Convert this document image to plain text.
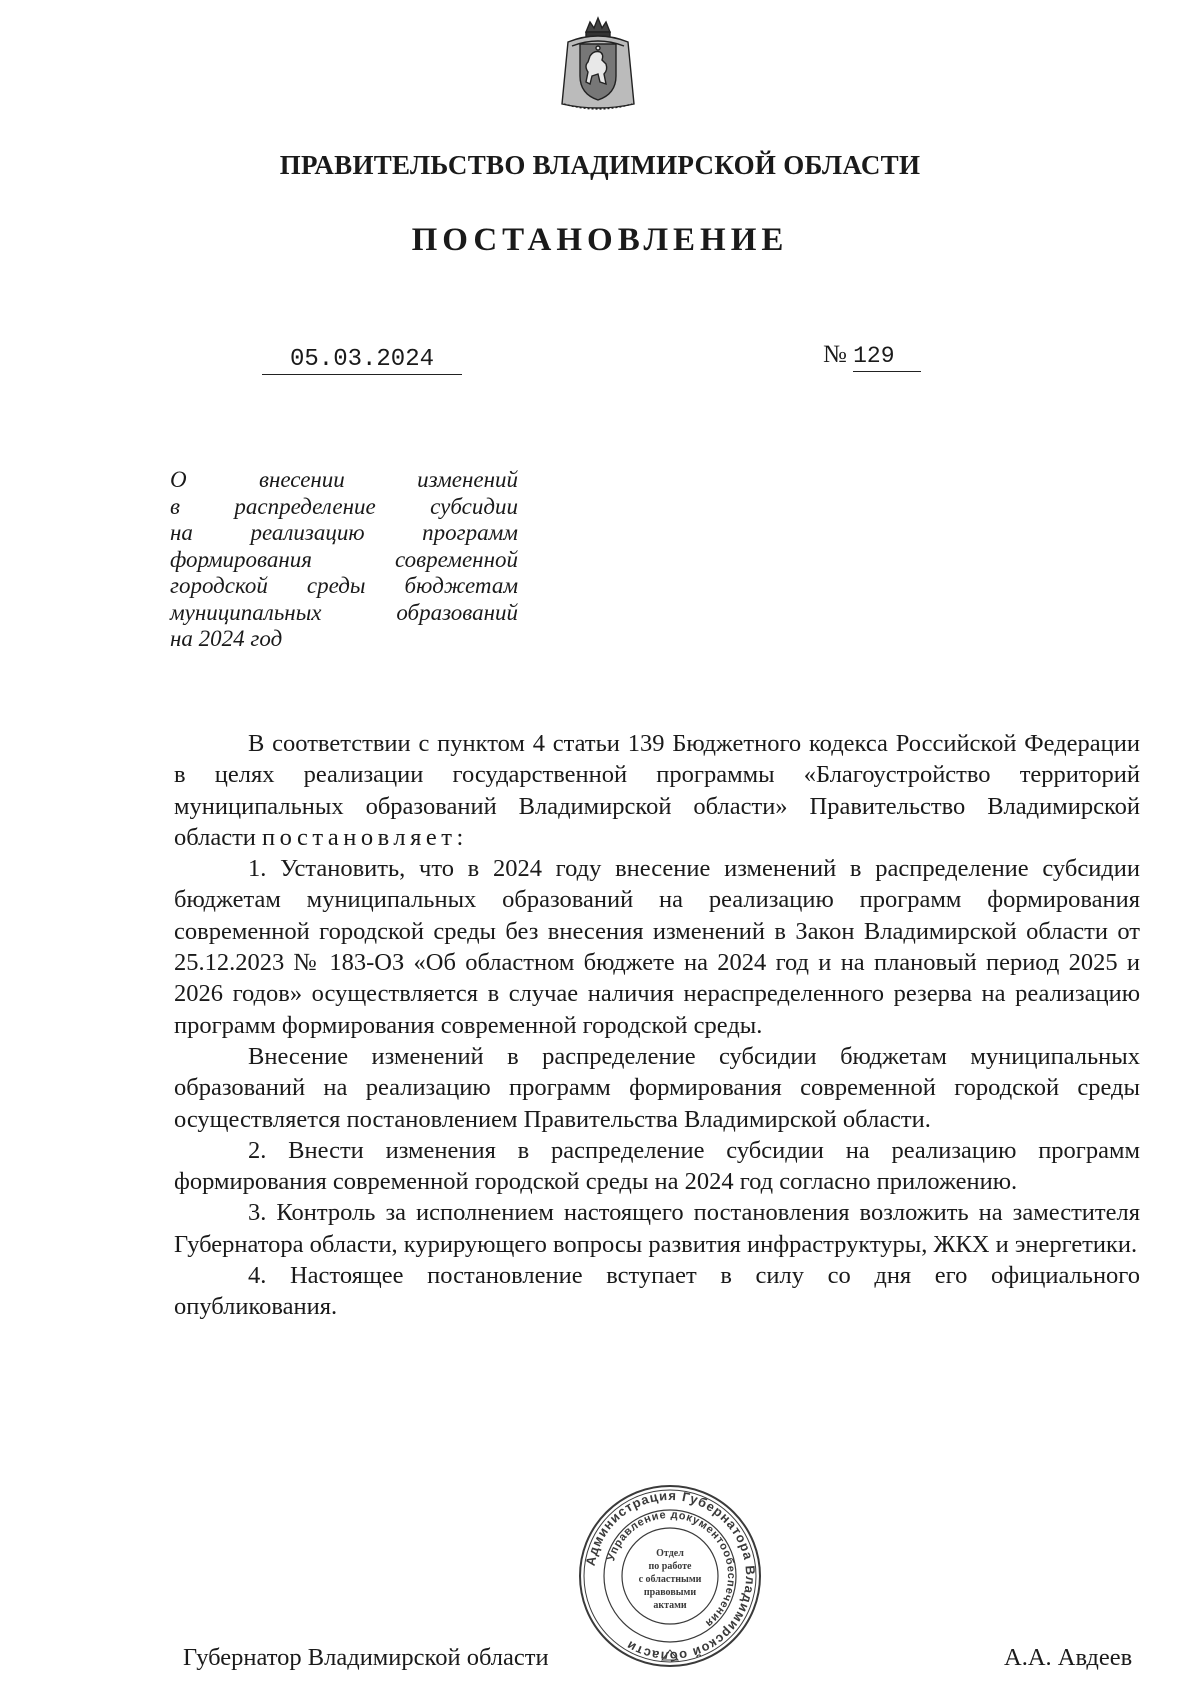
ПРАВИТЕЛЬСТВО ВЛАДИМИРСКОЙ ОБЛАСТИ
ПОСТАНОВЛЕНИЕ
05.03.2024	№ 129
О внесении изменений
в распределение субсидии
на реализацию программ
формирования современной
городской среды бюджетам
муниципальных образований
на 2024 год

В соответствии с пунктом 4 статьи 139 Бюджетного кодекса Российской Федерации в целях реализации государственной программы «Благоустройство территорий муниципальных образований Владимирской области» Правительство Владимирской области постановляет:

1. Установить, что в 2024 году внесение изменений в распределение субсидии бюджетам муниципальных образований на реализацию программ формирования современной городской среды без внесения изменений в Закон Владимирской области от 25.12.2023 № 183-ОЗ «Об областном бюджете на 2024 год и на плановый период 2025 и 2026 годов» осуществляется в случае наличия нераспределенного резерва на реализацию программ формирования современной городской среды.

Внесение изменений в распределение субсидии бюджетам муниципальных образований на реализацию программ формирования современной городской среды осуществляется постановлением Правительства Владимирской области.

2. Внести изменения в распределение субсидии на реализацию программ формирования современной городской среды на 2024 год согласно приложению.

3. Контроль за исполнением настоящего постановления возложить на заместителя Губернатора области, курирующего вопросы развития инфраструктуры, ЖКХ и энергетики.

4. Настоящее постановление вступает в силу со дня его официального опубликования.

Губернатор Владимирской области	А.А. Авдеев
Администрация Губернатора Владимирской области
Управление документообеспечения
Отдел
по работе
с областными
правовыми
актами
